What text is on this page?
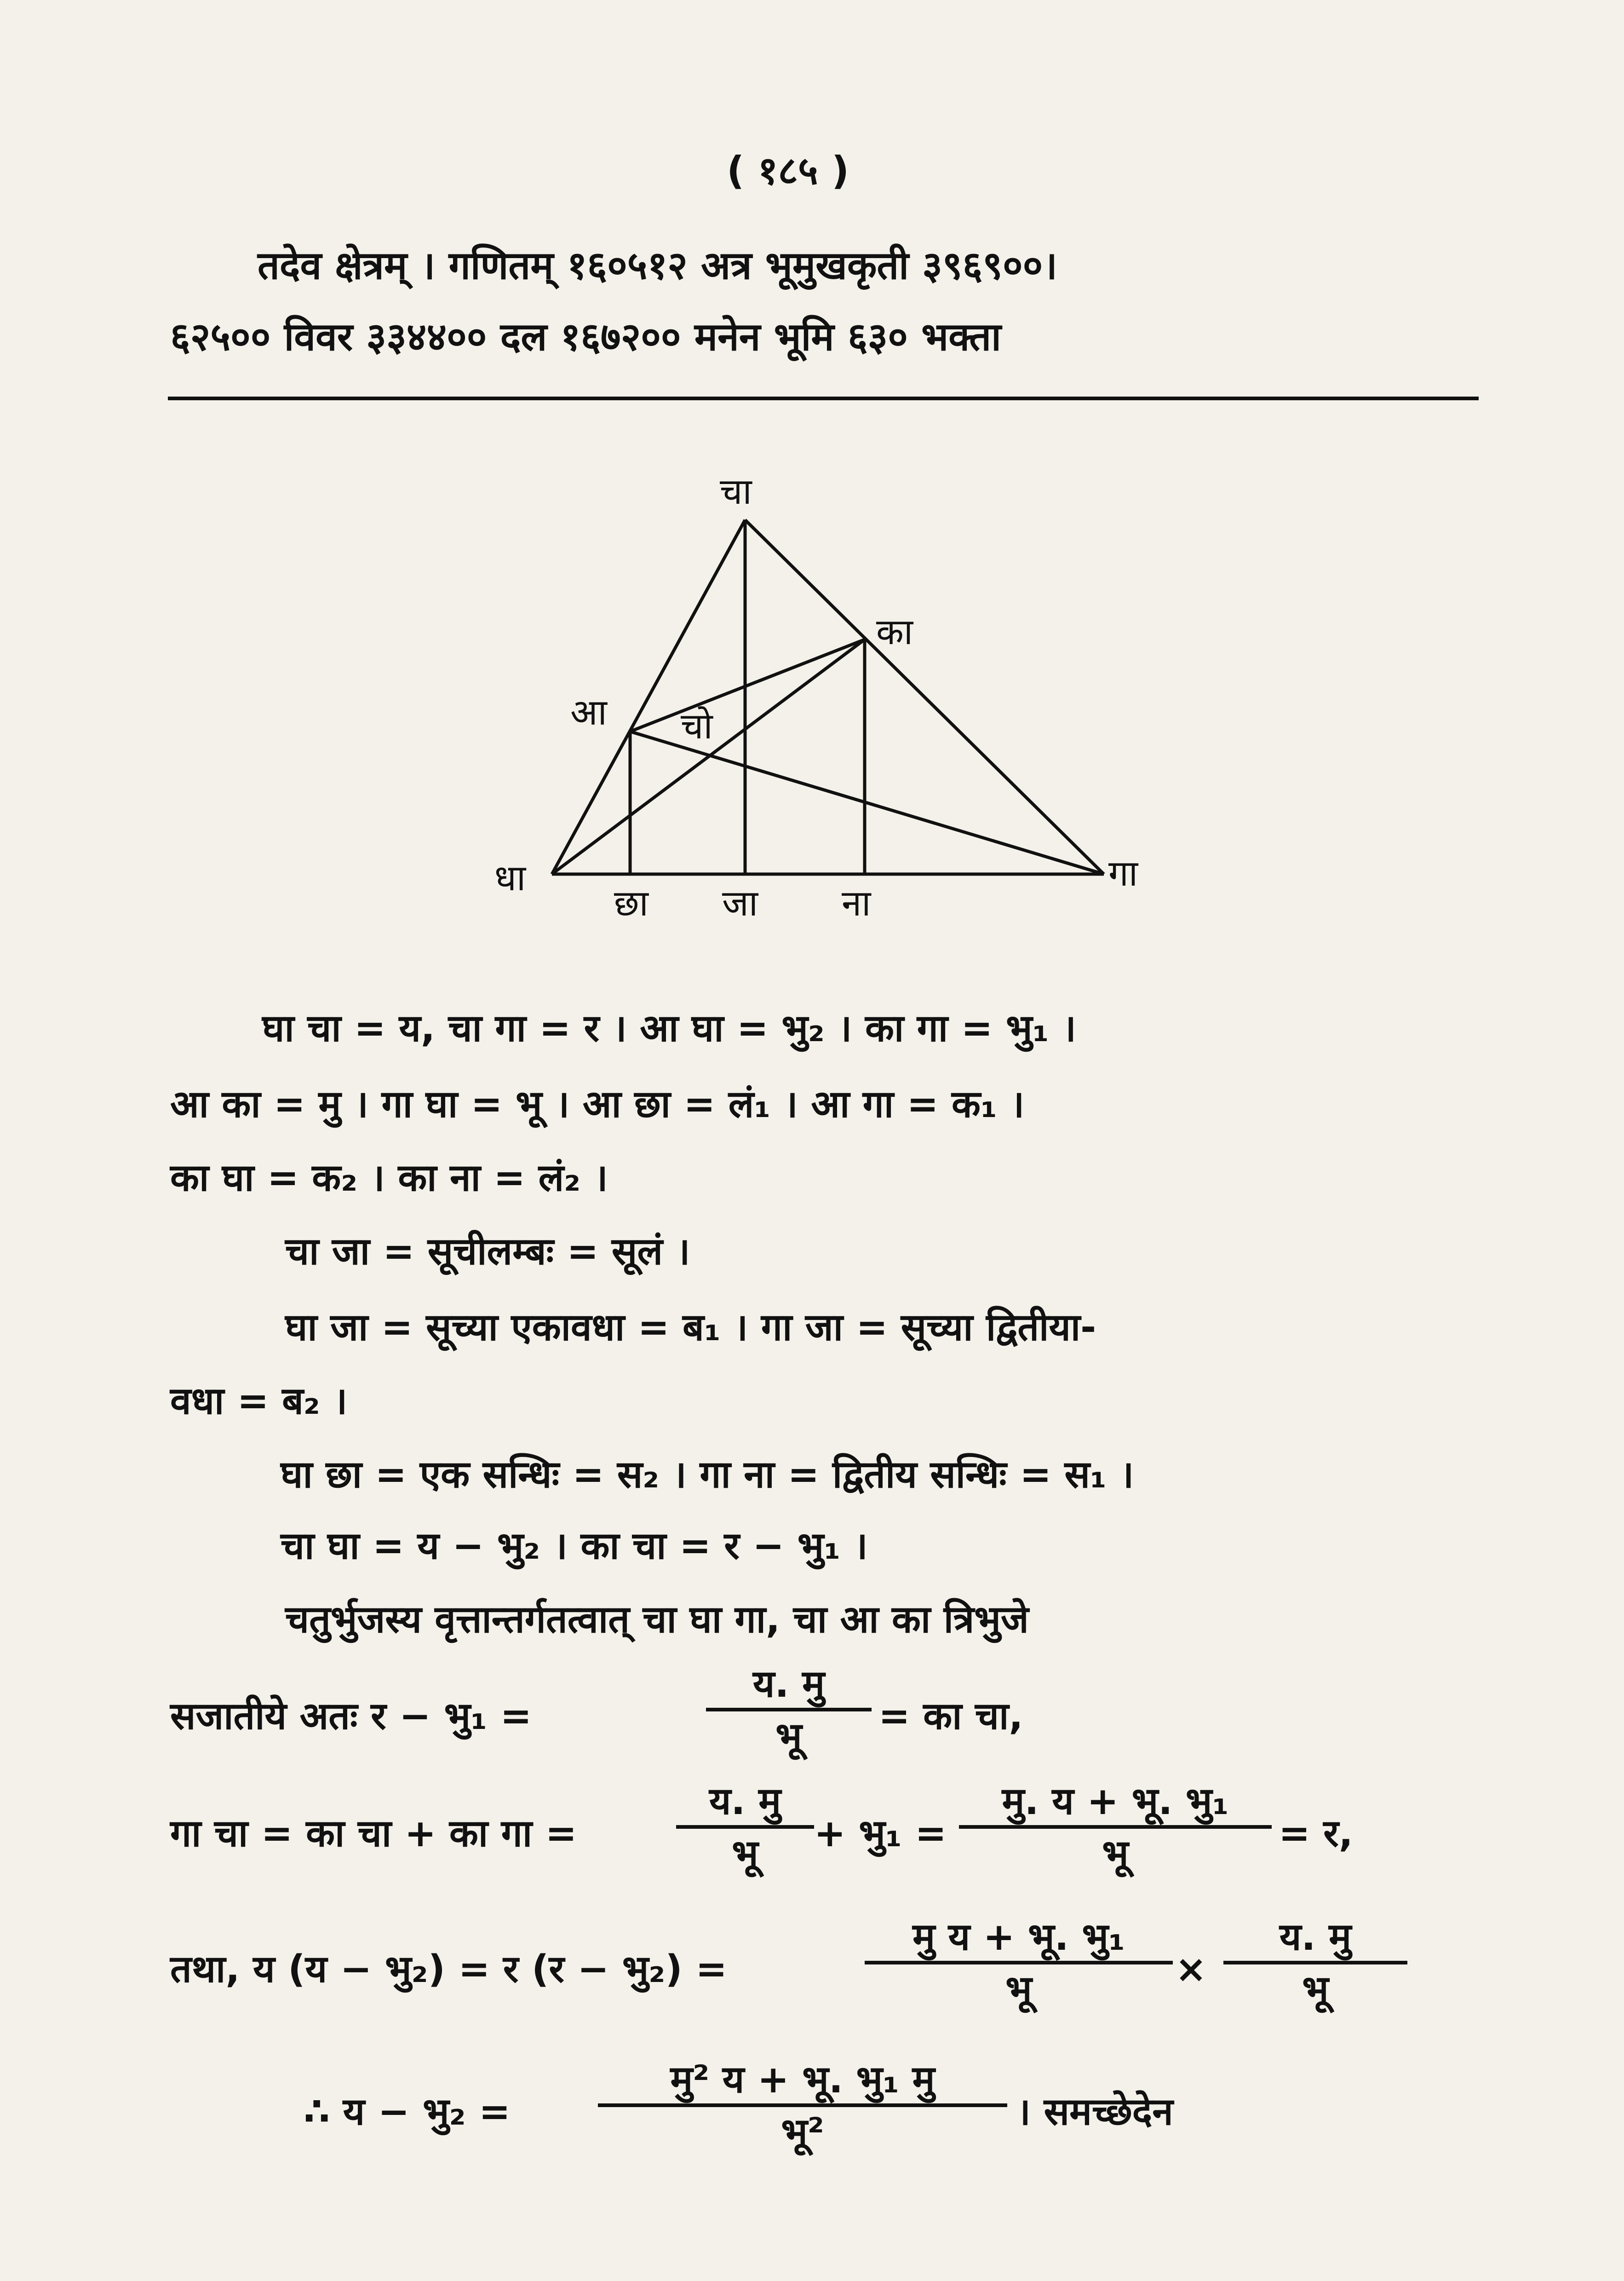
( १८५ )
तदेव क्षेत्रम् । गणितम् १६०५१२ अत्र भूमुखकृती ३९६९००।
६२५०० विवर ३३४४०० दल १६७२०० मनेन भूमि ६३० भक्ता
चा
का
आ चो
धा	गा
छा जा ना
घा चा = य, चा गा = र । आ घा = भु₂ । का गा = भु₁ ।
आ का = मु । गा घा = भू । आ छा = लं₁ । आ गा = क₁ ।
का घा = क₂ । का ना = लं₂ ।
चा जा = सूचीलम्बः = सूलं ।
घा जा = सूच्या एकावधा = ब₁ । गा जा = सूच्या द्वितीया-
वधा = ब₂ ।
घा छा = एक सन्धिः = स₂ । गा ना = द्वितीय सन्धिः = स₁ ।
चा घा = य − भु₂ । का चा = र − भु₁ ।
चतुर्भुजस्य वृत्तान्तर्गतत्वात् चा घा गा, चा आ का त्रिभुजे
सजातीये अतः र − भु₁ =
य. मु
भू	= का चा,
गा चा = का चा + का गा =
य. मु
भू	+ भु₁ =
मु. य + भू. भु₁
भू	= र,
तथा, य (य − भु₂) = र (र − भु₂) =
मु य + भू. भु₁
भू	×
य. मु
भू
∴ य − भु₂ =
मु² य + भू. भु₁ मु
भू²	। समच्छेदेन
